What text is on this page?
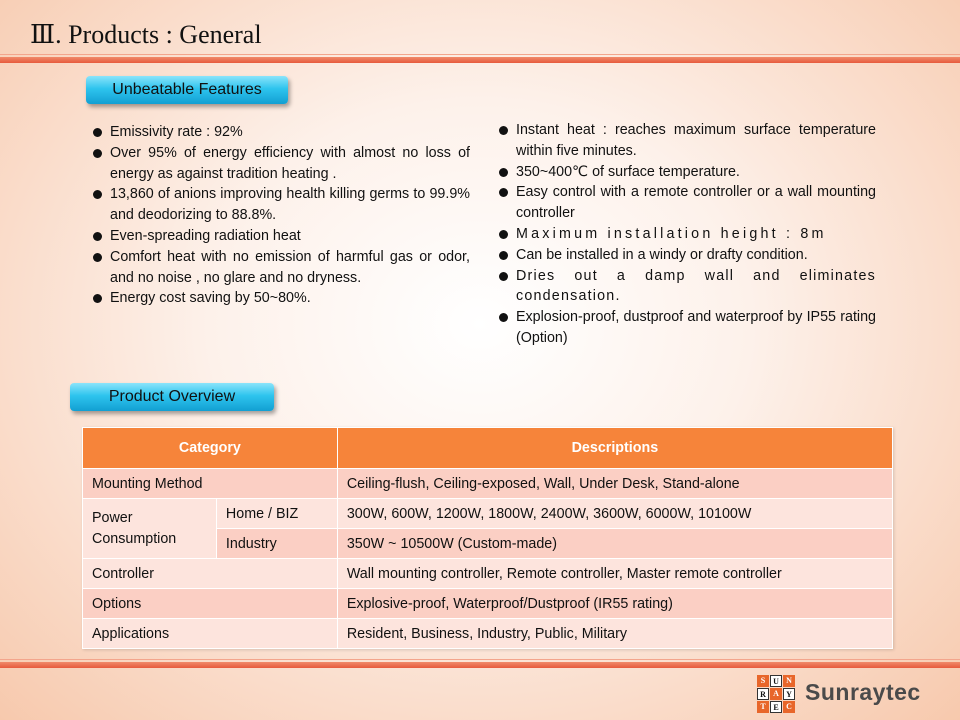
Ⅲ. Products : General
Unbeatable Features
Emissivity rate : 92%
Over 95% of energy efficiency with almost no loss of energy as against tradition heating .
13,860 of anions improving health killing germs to 99.9% and deodorizing to 88.8%.
Even-spreading radiation heat
Comfort heat with no emission of harmful gas or odor, and no noise , no glare and no dryness.
Energy cost saving by 50~80%.
Instant heat : reaches maximum surface temperature within five minutes.
350~400℃ of surface temperature.
Easy control with a remote controller or a wall mounting controller
Maximum installation height : 8m
Can be installed in a windy or drafty condition.
Dries out a damp wall and eliminates condensation.
Explosion-proof, dustproof and waterproof by IP55 rating (Option)
Product Overview
Category		Descriptions
Mounting Method		Ceiling-flush, Ceiling-exposed, Wall, Under Desk, Stand-alone
Power Consumption	Home / BIZ	300W, 600W, 1200W, 1800W, 2400W, 3600W, 6000W, 10100W
	Industry	350W ~ 10500W (Custom-made)
Controller		Wall mounting controller, Remote controller, Master remote controller
Options		Explosive-proof, Waterproof/Dustproof (IR55 rating)
Applications		Resident, Business, Industry, Public, Military
S U N
R A Y
T E C
Sunraytec
